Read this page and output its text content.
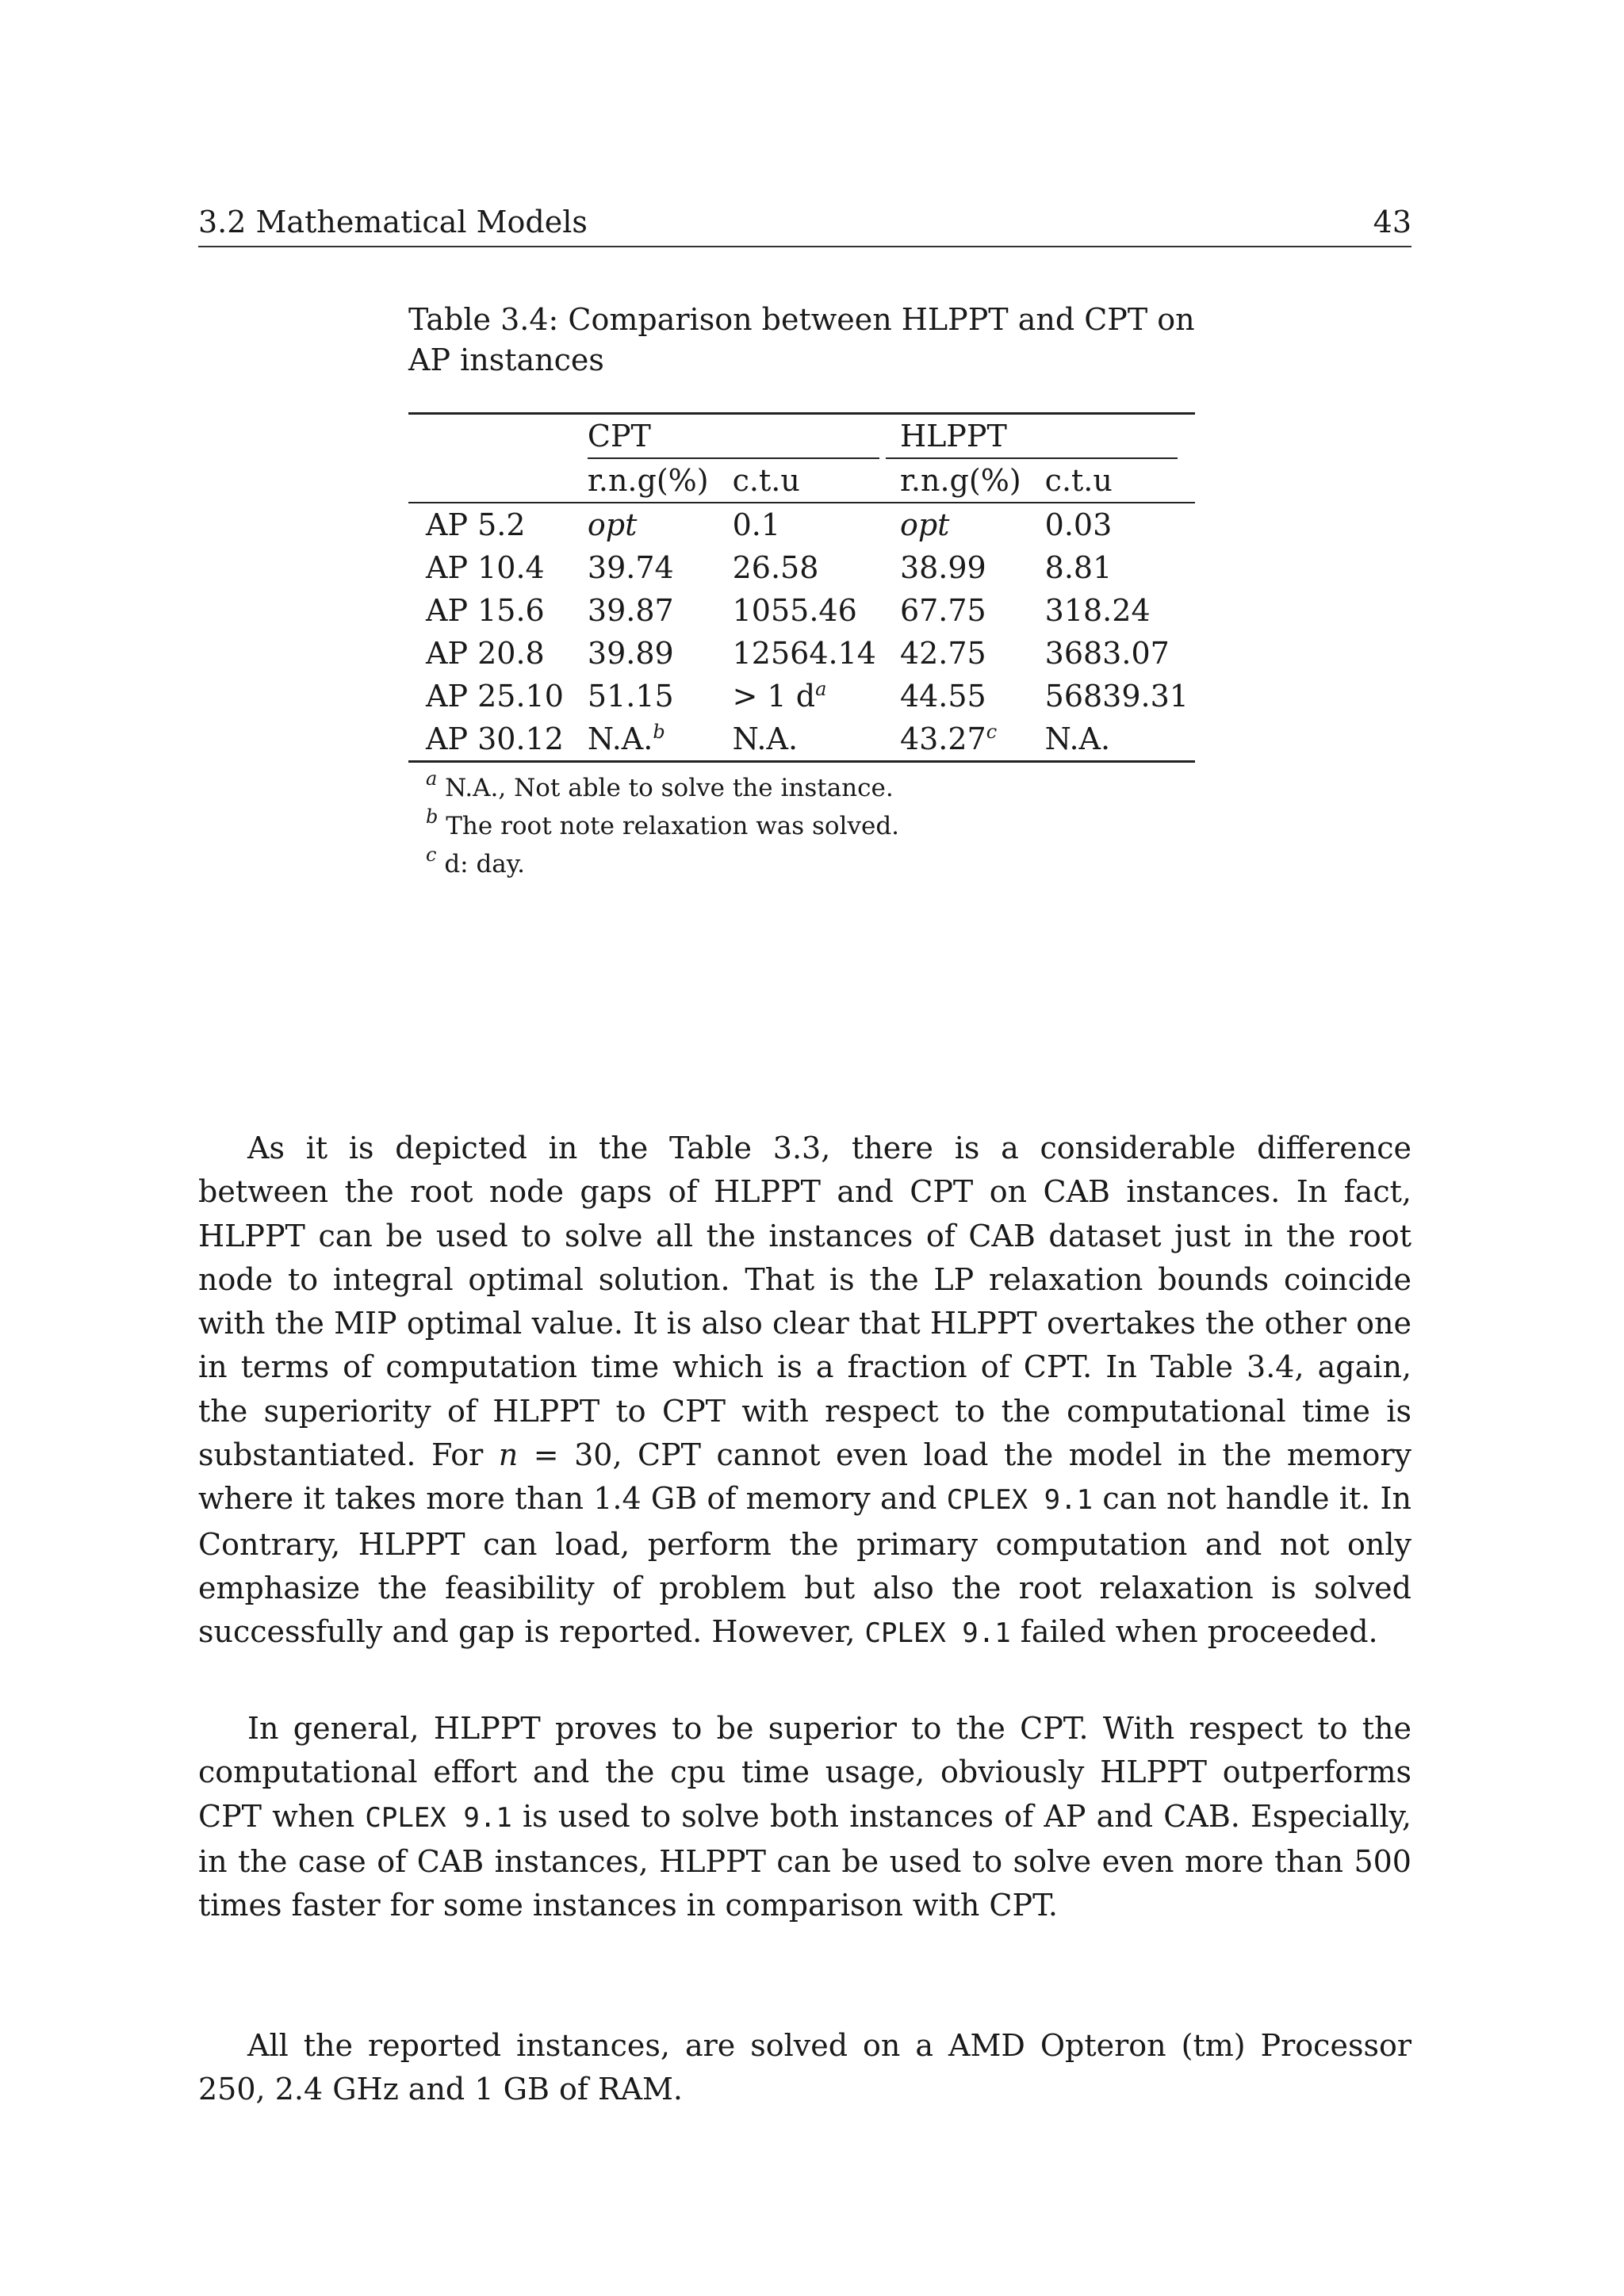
3.2 Mathematical Models	43
Table 3.4: Comparison between HLPPT and CPT on AP instances
	CPT		HLPPT	

	r.n.g(%)	c.t.u	r.n.g(%)	c.t.u
AP 5.2	opt	0.1	opt	0.03
AP 10.4	39.74	26.58	38.99	8.81
AP 15.6	39.87	1055.46	67.75	318.24
AP 20.8	39.89	12564.14	42.75	3683.07
AP 25.10	51.15	> 1 $d^a$	44.55	56839.31
AP 30.12	N.A.$^b$	N.A.	43.27$^c$	N.A.
$^a$ N.A., Not able to solve the instance.
$^b$ The root note relaxation was solved.
$^c$ d: day.

As it is depicted in the Table 3.3, there is a considerable difference between the root node gaps of HLPPT and CPT on CAB instances. In fact, HLPPT can be used to solve all the instances of CAB dataset just in the root node to integral optimal solution. That is the LP relaxation bounds coincide with the MIP optimal value. It is also clear that HLPPT overtakes the other one in terms of computation time which is a fraction of CPT. In Table 3.4, again, the superiority of HLPPT to CPT with respect to the computational time is substantiated. For n = 30, CPT cannot even load the model in the memory where it takes more than 1.4 GB of memory and CPLEX 9.1 can not handle it. In Contrary, HLPPT can load, perform the primary computation and not only emphasize the feasibility of problem but also the root relaxation is solved successfully and gap is reported. However, CPLEX 9.1 failed when proceeded.

In general, HLPPT proves to be superior to the CPT. With respect to the computational effort and the cpu time usage, obviously HLPPT outperforms CPT when CPLEX 9.1 is used to solve both instances of AP and CAB. Especially, in the case of CAB instances, HLPPT can be used to solve even more than 500 times faster for some instances in comparison with CPT.

All the reported instances, are solved on a AMD Opteron (tm) Processor 250, 2.4 GHz and 1 GB of RAM.
